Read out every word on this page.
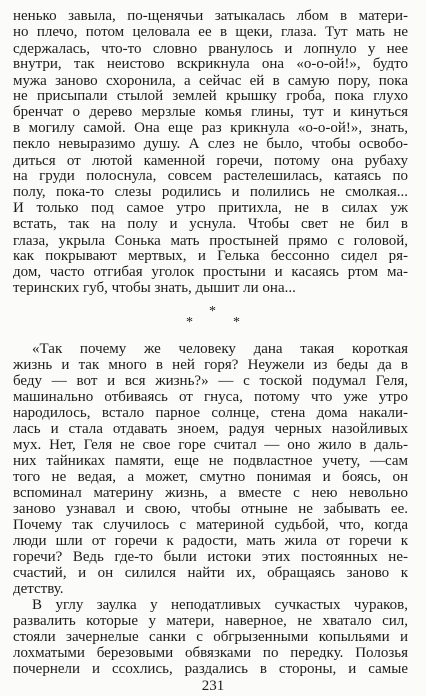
ненько завыла, по-щенячьи затыкалась лбом в матери-
но плечо, потом целовала ее в щеки, глаза. Тут мать не
сдержалась, что-то словно рванулось и лопнуло у нее
внутри, так неистово вскрикнула она «о-о-ой!», будто
мужа заново схоронила, а сейчас ей в самую пору, пока
не присыпали стылой землей крышку гроба, пока глухо
бренчат о дерево мерзлые комья глины, тут и кинуться
в могилу самой. Она еще раз крикнула «о-о-ой!», знать,
пекло невыразимо душу. А слез не было, чтобы освобо-
диться от лютой каменной горечи, потому она рубаху
на груди полоснула, совсем растелешилась, катаясь по
полу, пока-то слезы родились и полились не смолкая...
И только под самое утро притихла, не в силах уж
встать, так на полу и уснула. Чтобы свет не бил в
глаза, укрыла Сонька мать простыней прямо с головой,
как покрывают мертвых, и Гелька бессонно сидел ря-
дом, часто отгибая уголок простыни и касаясь ртом ма-
теринских губ, чтобы знать, дышит ли она...
*
*	*
«Так почему же человеку дана такая короткая
жизнь и так много в ней горя? Неужели из беды да в
беду — вот и вся жизнь?» — с тоской подумал Геля,
машинально отбиваясь от гнуса, потому что уже утро
народилось, встало парное солнце, стена дома накали-
лась и стала отдавать зноем, радуя черных назойливых
мух. Нет, Геля не свое горе считал — оно жило в даль-
них тайниках памяти, еще не подвластное учету, —сам
того не ведая, а может, смутно понимая и боясь, он
вспоминал материну жизнь, а вместе с нею невольно
заново узнавал и свою, чтобы отныне не забывать ее.
Почему так случилось с материной судьбой, что, когда
люди шли от горечи к радости, мать жила от горечи к
горечи? Ведь где-то были истоки этих постоянных не-
счастий, и он силился найти их, обращаясь заново к
детству.
В углу заулка у неподатливых сучкастых чураков,
развалить которые у матери, наверное, не хватало сил,
стояли зачернелые санки с обгрызенными копыльями и
лохматыми березовыми обвязками по передку. Полозья
почернели и ссохлись, раздались в стороны, и самые
231
